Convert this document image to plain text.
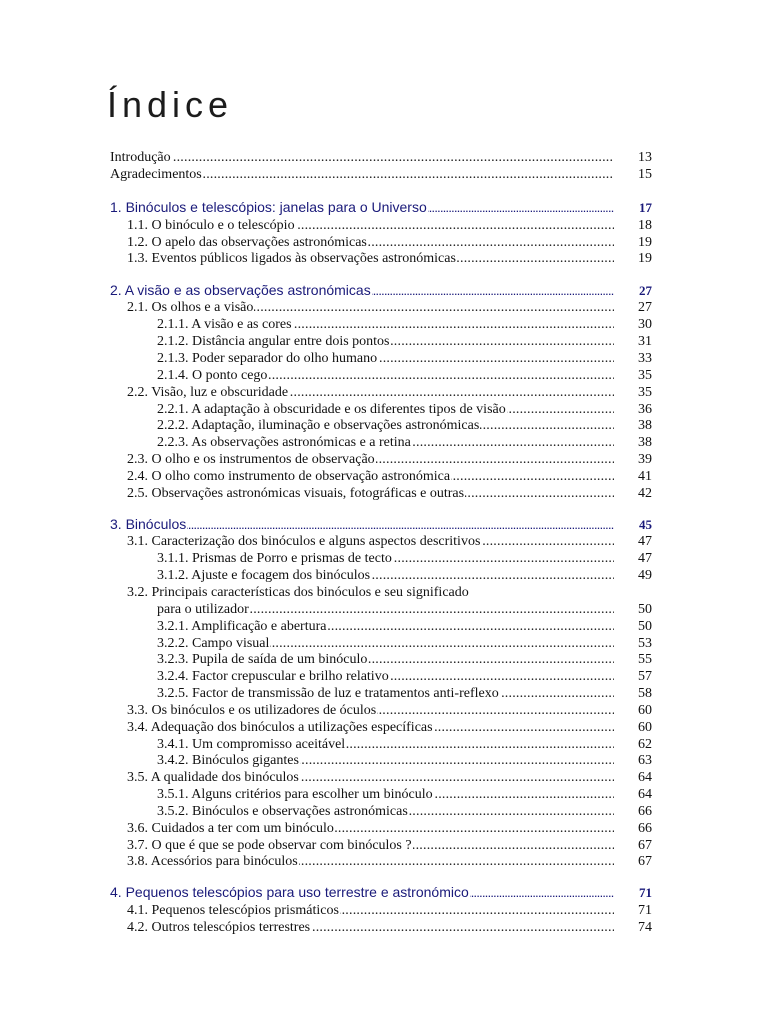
Índice
Introdução .....	13
Agradecimentos .....	15
1. Binóculos e telescópios: janelas para o Universo .....	17
1.1. O binóculo e o telescópio .....	18
1.2. O apelo das observações astronómicas .....	19
1.3. Eventos públicos ligados às observações astronómicas .....	19
2. A visão e as observações astronómicas .....	27
2.1. Os olhos e a visão .....	27
2.1.1. A visão e as cores .....	30
2.1.2. Distância angular entre dois pontos .....	31
2.1.3. Poder separador do olho humano .....	33
2.1.4. O ponto cego .....	35
2.2. Visão, luz e obscuridade .....	35
2.2.1. A adaptação à obscuridade e os diferentes tipos de visão .....	36
2.2.2. Adaptação, iluminação e observações astronómicas .....	38
2.2.3. As observações astronómicas e a retina .....	38
2.3. O olho e os instrumentos de observação .....	39
2.4. O olho como instrumento de observação astronómica .....	41
2.5. Observações astronómicas visuais, fotográficas e outras .....	42
3. Binóculos .....	45
3.1. Caracterização dos binóculos e alguns aspectos descritivos .....	47
3.1.1. Prismas de Porro e prismas de tecto .....	47
3.1.2. Ajuste e focagem dos binóculos .....	49
3.2. Principais características dos binóculos e seu significado
para o utilizador .....	50
3.2.1. Amplificação e abertura .....	50
3.2.2. Campo visual .....	53
3.2.3. Pupila de saída de um binóculo .....	55
3.2.4. Factor crepuscular e brilho relativo .....	57
3.2.5. Factor de transmissão de luz e tratamentos anti-reflexo .....	58
3.3. Os binóculos e os utilizadores de óculos .....	60
3.4. Adequação dos binóculos a utilizações específicas .....	60
3.4.1. Um compromisso aceitável .....	62
3.4.2. Binóculos gigantes .....	63
3.5. A qualidade dos binóculos .....	64
3.5.1. Alguns critérios para escolher um binóculo .....	64
3.5.2. Binóculos e observações astronómicas .....	66
3.6. Cuidados a ter com um binóculo .....	66
3.7. O que é que se pode observar com binóculos ? .....	67
3.8. Acessórios para binóculos .....	67
4. Pequenos telescópios para uso terrestre e astronómico .....	71
4.1. Pequenos telescópios prismáticos .....	71
4.2. Outros telescópios terrestres .....	74
